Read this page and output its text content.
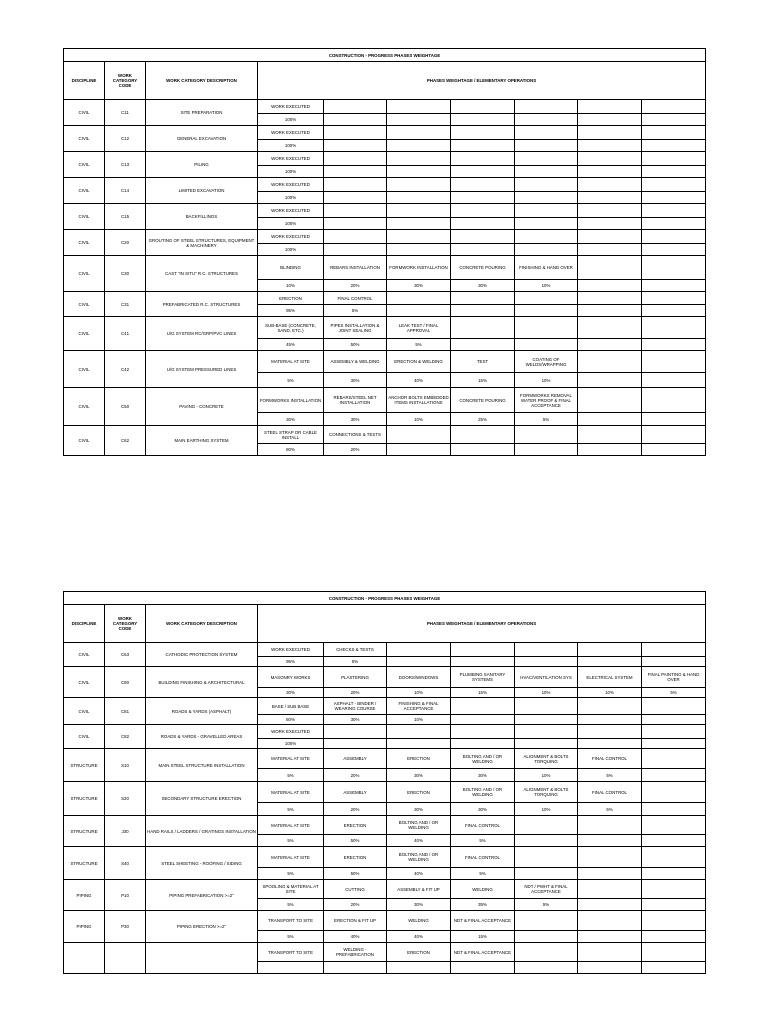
CONSTRUCTION - PROGRESS PHASES WEIGHTAGE									
DISCIPLINE	WORK CATEGORY CODE	WORK CATEGORY DESCRIPTION	PHASES WEIGHTAGE / ELEMENTARY OPERATIONS						
CIVIL	C11	SITE PREPARATION	WORK EXECUTED						
			100%						
CIVIL	C12	GENERAL EXCAVATION	WORK EXECUTED						
			100%						
CIVIL	C13	PILING	WORK EXECUTED						
			100%						
CIVIL	C14	LIMITED EXCAVATION	WORK EXECUTED						
			100%						
CIVIL	C15	BACKFILLINGS	WORK EXECUTED						
			100%						
CIVIL	C20	GROUTING OF STEEL STRUCTURES, EQUIPMENT & MACHINERY	WORK EXECUTED						
			100%						
CIVIL	C30	CAST "IN SITU" R.C. STRUCTURES	BLINDING	REBARS INSTALLATION	FORMWORK INSTALLATION	CONCRETE POURING	FINISHING & HAND OVER		
			10%	20%	30%	30%	10%		
CIVIL	C31	PREFABRICATED R.C. STRUCTURES	ERECTION	FINAL CONTROL					
			95%	5%					
CIVIL	C41	U/G SYSTEM RC/GRP/PVC LINES	SUB-BASE (CONCRETE, SAND, ETC.)	PIPES INSTALLATION & JOINT SEALING	LEAK TEST / FINAL APPROVAL				
			45%	50%	5%				
CIVIL	C42	U/G SYSTEM PRESSURED LINES	MATERIAL AT SITE	ASSEMBLY & WELDING	ERECTION & WELDING	TEST	COATING OF WELDS/WRAPPING		
			5%	30%	40%	15%	10%		
CIVIL	C50	PAVING - CONCRETE	FORMWORKS INSTALLATION	REBARS/STEEL NET INSTALLATION	ANCHOR BOLTS EMBEDDED ITEMS INSTALLATIONS	CONCRETE POURING	FORMWORKS REMOVAL WATER PROOF & FINAL ACCEPTANCE		
			30%	30%	10%	25%	5%		
CIVIL	C62	MAIN EARTHING SYSTEM	STEEL STRAP OR CABLE INSTALL	CONNECTIONS & TESTS					
			80%	20%					
CONSTRUCTION - PROGRESS PHASES WEIGHTAGE									
DISCIPLINE	WORK CATEGORY CODE	WORK CATEGORY DESCRIPTION	PHASES WEIGHTAGE / ELEMENTARY OPERATIONS						
CIVIL	C63	CATHODIC PROTECTION SYSTEM	WORK EXECUTED	CHECKS & TESTS					
			95%	5%					
CIVIL	C80	BUILDING FINISHING & ARCHITECTURAL	MASONRY WORKS	PLASTERING	DOORS/WINDOWS	PLUMBING SANITARY SYSTEMS	HVAC/VENTILATION SYS	ELECTRICAL SYSTEM	FINAL PAINTING & HAND OVER
			30%	20%	10%	15%	10%	10%	5%
CIVIL	C81	ROADS & YARDS (ASPHALT)	BASE / SUB BASE	ASPHALT - BINDER / WEARING COURSE	FINISHING & FINAL ACCEPTANCE				
			60%	30%	10%				
CIVIL	C82	ROADS & YARDS - GRAVELLED AREAS	WORK EXECUTED						
			100%						
STRUCTURE	S10	MAIN STEEL STRUCTURE INSTALLATION	MATERIAL AT SITE	ASSEMBLY	ERECTION	BOLTING AND / OR WELDING	ALIGNMENT & BOLTS TORQUING	FINAL CONTROL	
			5%	20%	30%	30%	10%	5%	
STRUCTURE	S20	SECONDARY STRUCTURE ERECTION	MATERIAL AT SITE	ASSEMBLY	ERECTION	BOLTING AND / OR WELDING	ALIGNMENT & BOLTS TORQUING	FINAL CONTROL	
			5%	20%	30%	30%	10%	5%	
STRUCTURE	J30	HAND RAILS / LADDERS / GRATINGS INSTALLATION	MATERIAL AT SITE	ERECTION	BOLTING AND / OR WELDING	FINAL CONTROL			
			5%	50%	40%	5%			
STRUCTURE	S40	STEEL SHEETING - ROOFING / SIDING	MATERIAL AT SITE	ERECTION	BOLTING AND / OR WELDING	FINAL CONTROL			
			5%	50%	40%	5%			
PIPING	P10	PIPING PREFABRICATION >=2"	SPOOLING & MATERIAL AT SITE	CUTTING	ASSEMBLY & FIT UP	WELDING	NDT / PWHT & FINAL ACCEPTANCE		
			5%	20%	30%	35%	5%		
PIPING	P30	PIPING ERECTION >=2"	TRANSPORT TO SITE	ERECTION & FIT UP	WELDING	NDT & FINAL ACCEPTANCE			
			5%	40%	40%	15%			
			TRANSPORT TO SITE	WELDING - PREFABRICATION	ERECTION	NDT & FINAL ACCEPTANCE			
